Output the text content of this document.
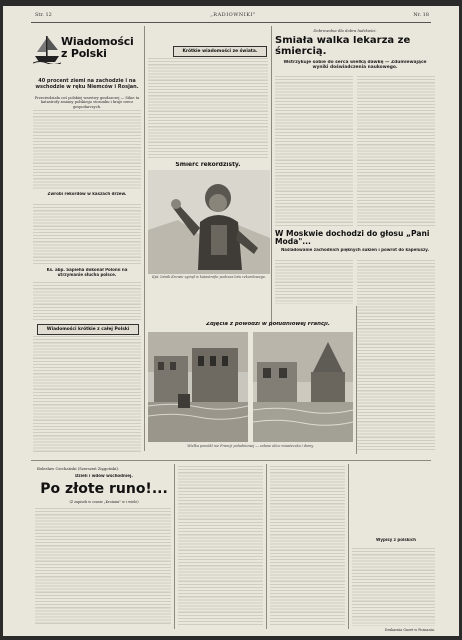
Str. 12	„RADIOWNIKI"	Nr. 18
Wiadomości z Polski
40 procent ziemi na zachodzie i na wschodzie w ręku Niemców i Rosjan.
Przeciwdziała coś polskiej warstwy gosdarczej — Silne ta katastrofy zmiany polskiego stosunku i kraje rzecz gospodarczych.
Zwrobi rekordów w kaszach drzew.
Ks. abp. Sapieha dokonał Polonii na utrzymanie słucha polsce.
Wiadomości krótkie z całej Polski
Krótkie wiadomości ze świata.
Śmierć rekordzisty.
Kpt. lotnik Krowie zginął w katastrofie podczas lotu rekordowego.
Dobrowolna dla dobra ludzkości.
Śmiała walka lekarza ze śmiercią.
Wstrzykuje sobie do serca wielką dawkę — Zdumiewające wyniki doświadczenia naukowego.
W Moskwie dochodzi do głosu „Pani Moda"...
Naśladowanie zachodnich pięknych sukien i powrot do kapeluszy.
Zdjęcia z powodzi w południowej Francji.
Wielka powódź we Francji południowej — zalane ulice miasteczka i domy.
Bolesław Ciechański (Szerszeń Zięgoński).
Dzieli i wdów wschodniej.
Po złote runo!...
(Z zapisek w czasie „Kroinini" w i wiele)
Wypisy z polskich
Drukarnia Gazet w Poznaniu.
